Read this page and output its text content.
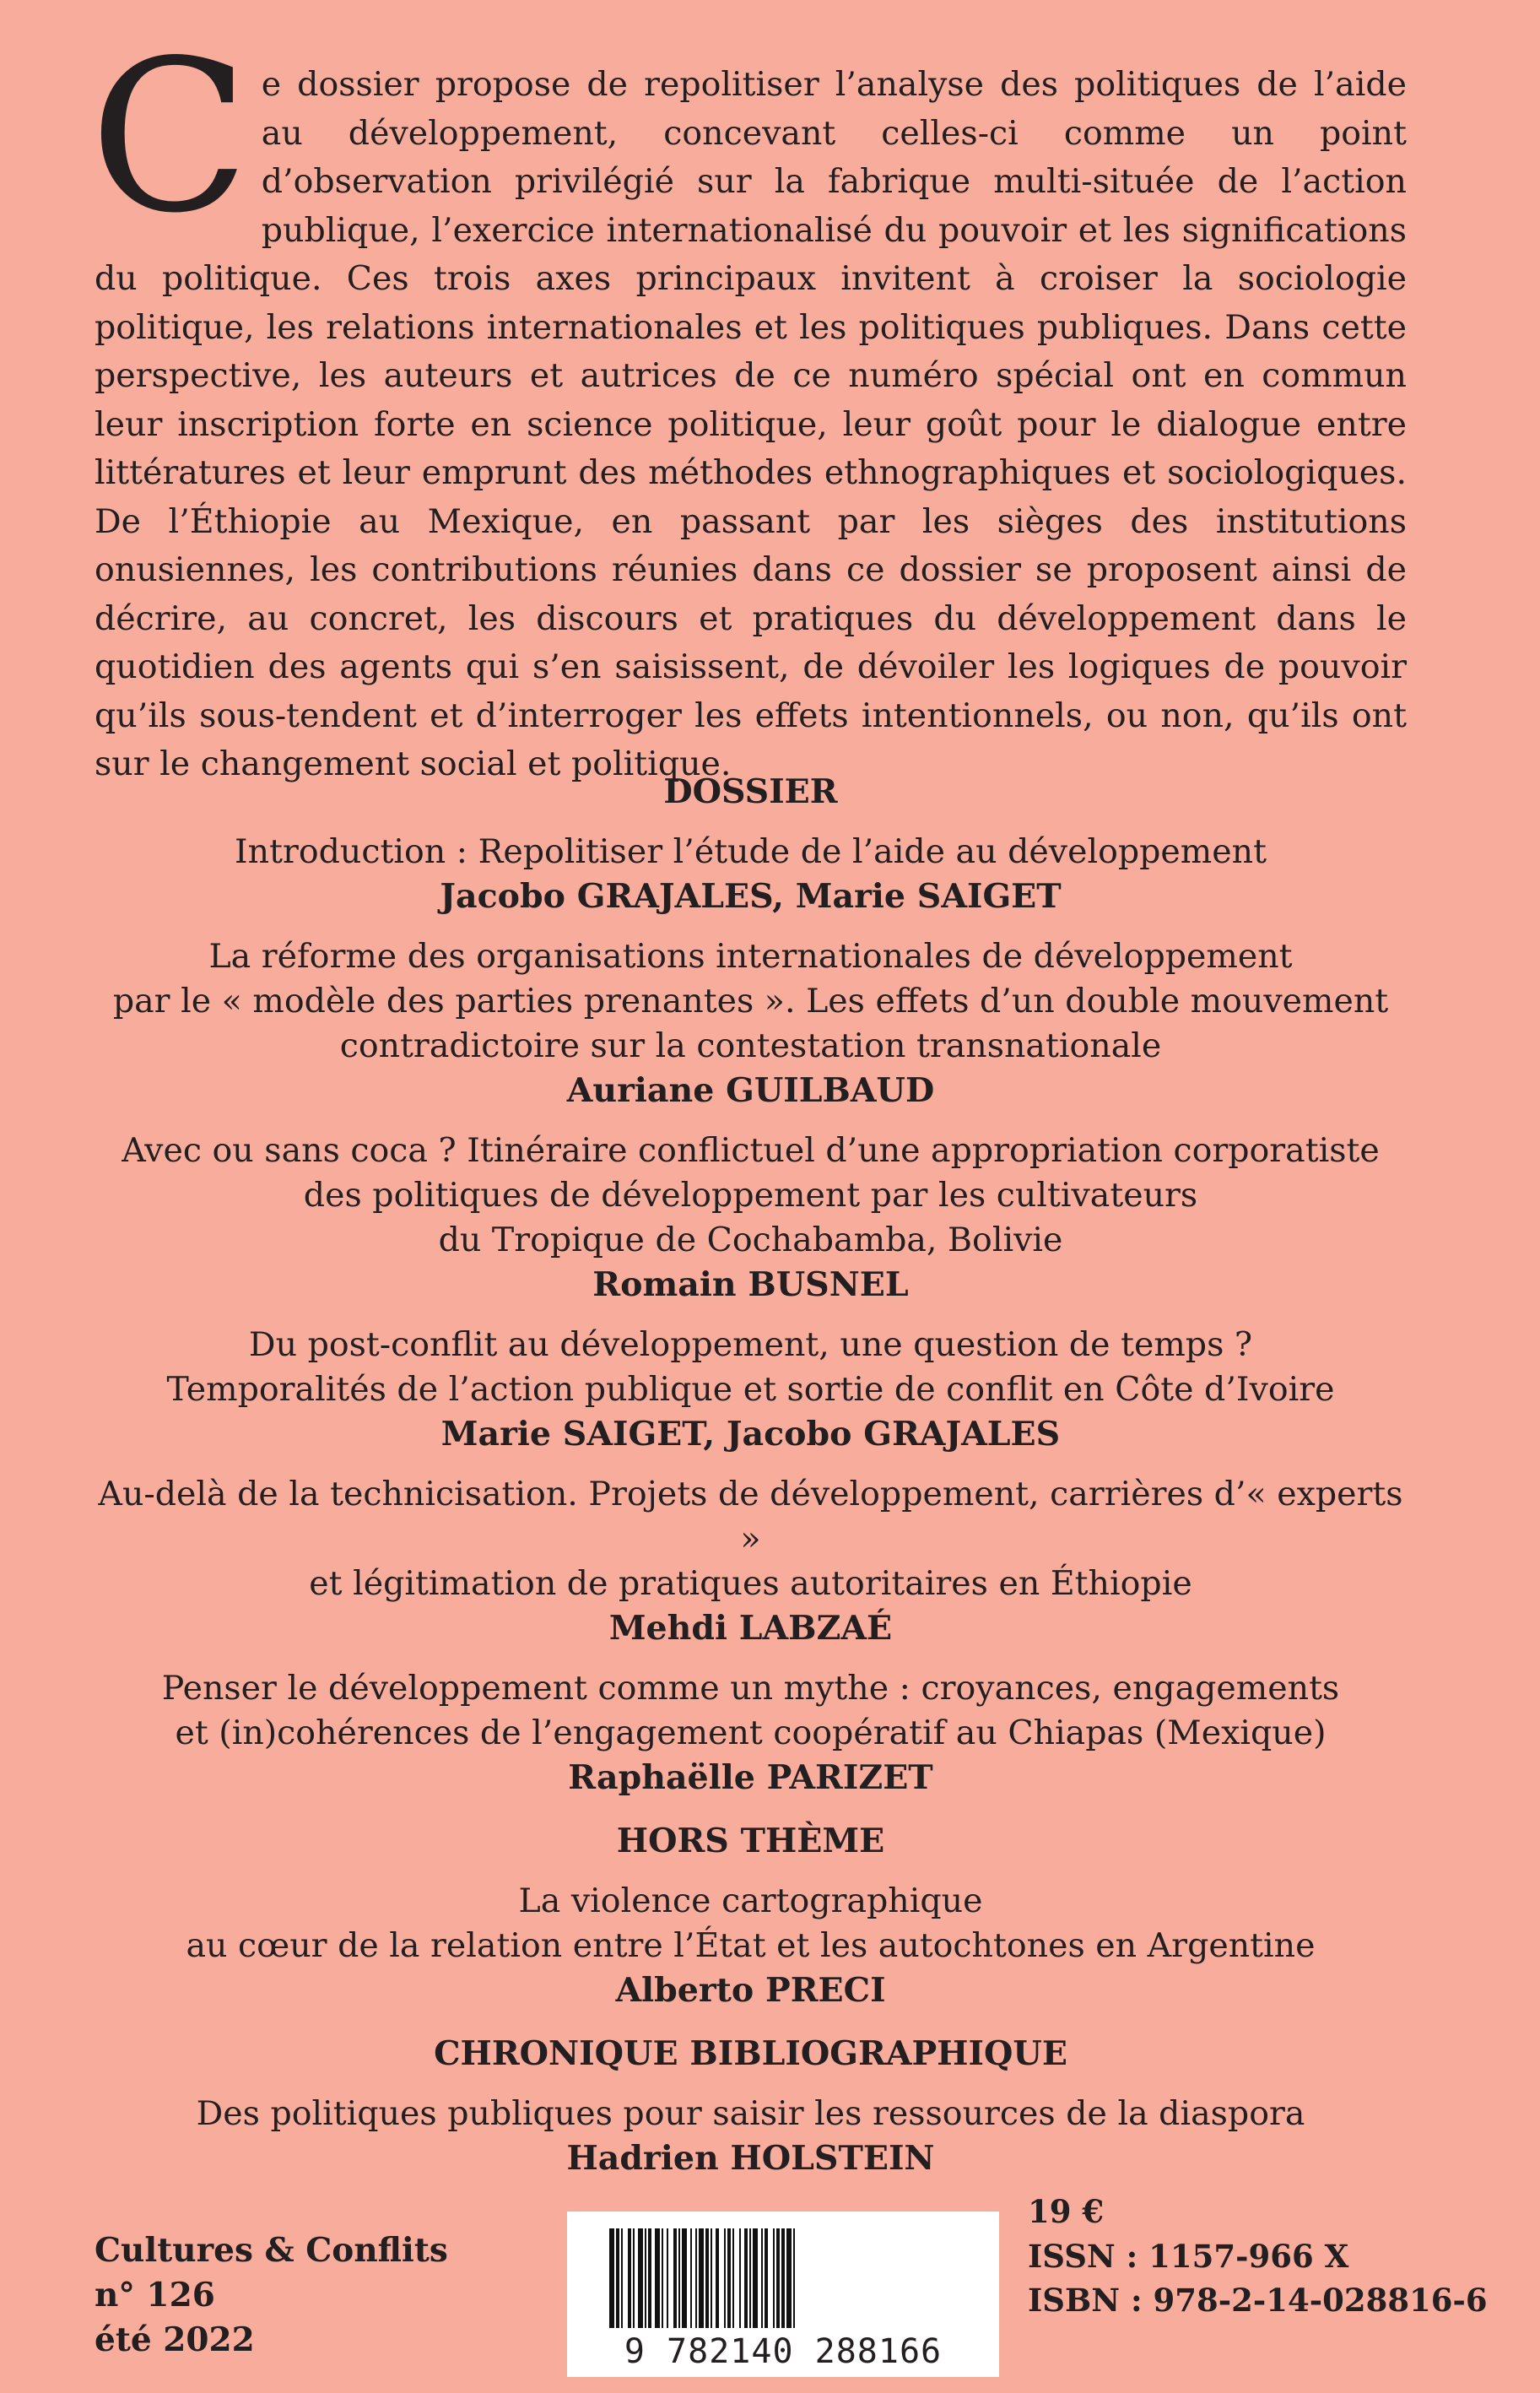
Ce dossier propose de repolitiser l’analyse des politiques de l’aide au développement, concevant celles-ci comme un point d’observation privilégié sur la fabrique multi-située de l’action publique, l’exercice internationalisé du pouvoir et les significations du politique. Ces trois axes principaux invitent à croiser la sociologie politique, les relations internationales et les politiques publiques. Dans cette perspective, les auteurs et autrices de ce numéro spécial ont en commun leur inscription forte en science politique, leur goût pour le dialogue entre littératures et leur emprunt des méthodes ethnographiques et sociologiques. De l’Éthiopie au Mexique, en passant par les sièges des institutions onusiennes, les contributions réunies dans ce dossier se proposent ainsi de décrire, au concret, les discours et pratiques du développement dans le quotidien des agents qui s’en saisissent, de dévoiler les logiques de pouvoir qu’ils sous-tendent et d’interroger les effets intentionnels, ou non, qu’ils ont sur le changement social et politique.

DOSSIER
Introduction : Repolitiser l’étude de l’aide au développement
Jacobo GRAJALES, Marie SAIGET
La réforme des organisations internationales de développement
par le « modèle des parties prenantes ». Les effets d’un double mouvement
contradictoire sur la contestation transnationale
Auriane GUILBAUD
Avec ou sans coca ? Itinéraire conflictuel d’une appropriation corporatiste
des politiques de développement par les cultivateurs
du Tropique de Cochabamba, Bolivie
Romain BUSNEL
Du post-conflit au développement, une question de temps ?
Temporalités de l’action publique et sortie de conflit en Côte d’Ivoire
Marie SAIGET, Jacobo GRAJALES
Au-delà de la technicisation. Projets de développement, carrières d’« experts »
et légitimation de pratiques autoritaires en Éthiopie
Mehdi LABZAÉ
Penser le développement comme un mythe : croyances, engagements
et (in)cohérences de l’engagement coopératif au Chiapas (Mexique)
Raphaëlle PARIZET
HORS THÈME
La violence cartographique
au cœur de la relation entre l’État et les autochtones en Argentine
Alberto PRECI
CHRONIQUE BIBLIOGRAPHIQUE
Des politiques publiques pour saisir les ressources de la diaspora
Hadrien HOLSTEIN
Cultures & Conflits
n° 126
été 2022	9 782140 288166
19 €
ISSN : 1157-966 X
ISBN : 978-2-14-028816-6
